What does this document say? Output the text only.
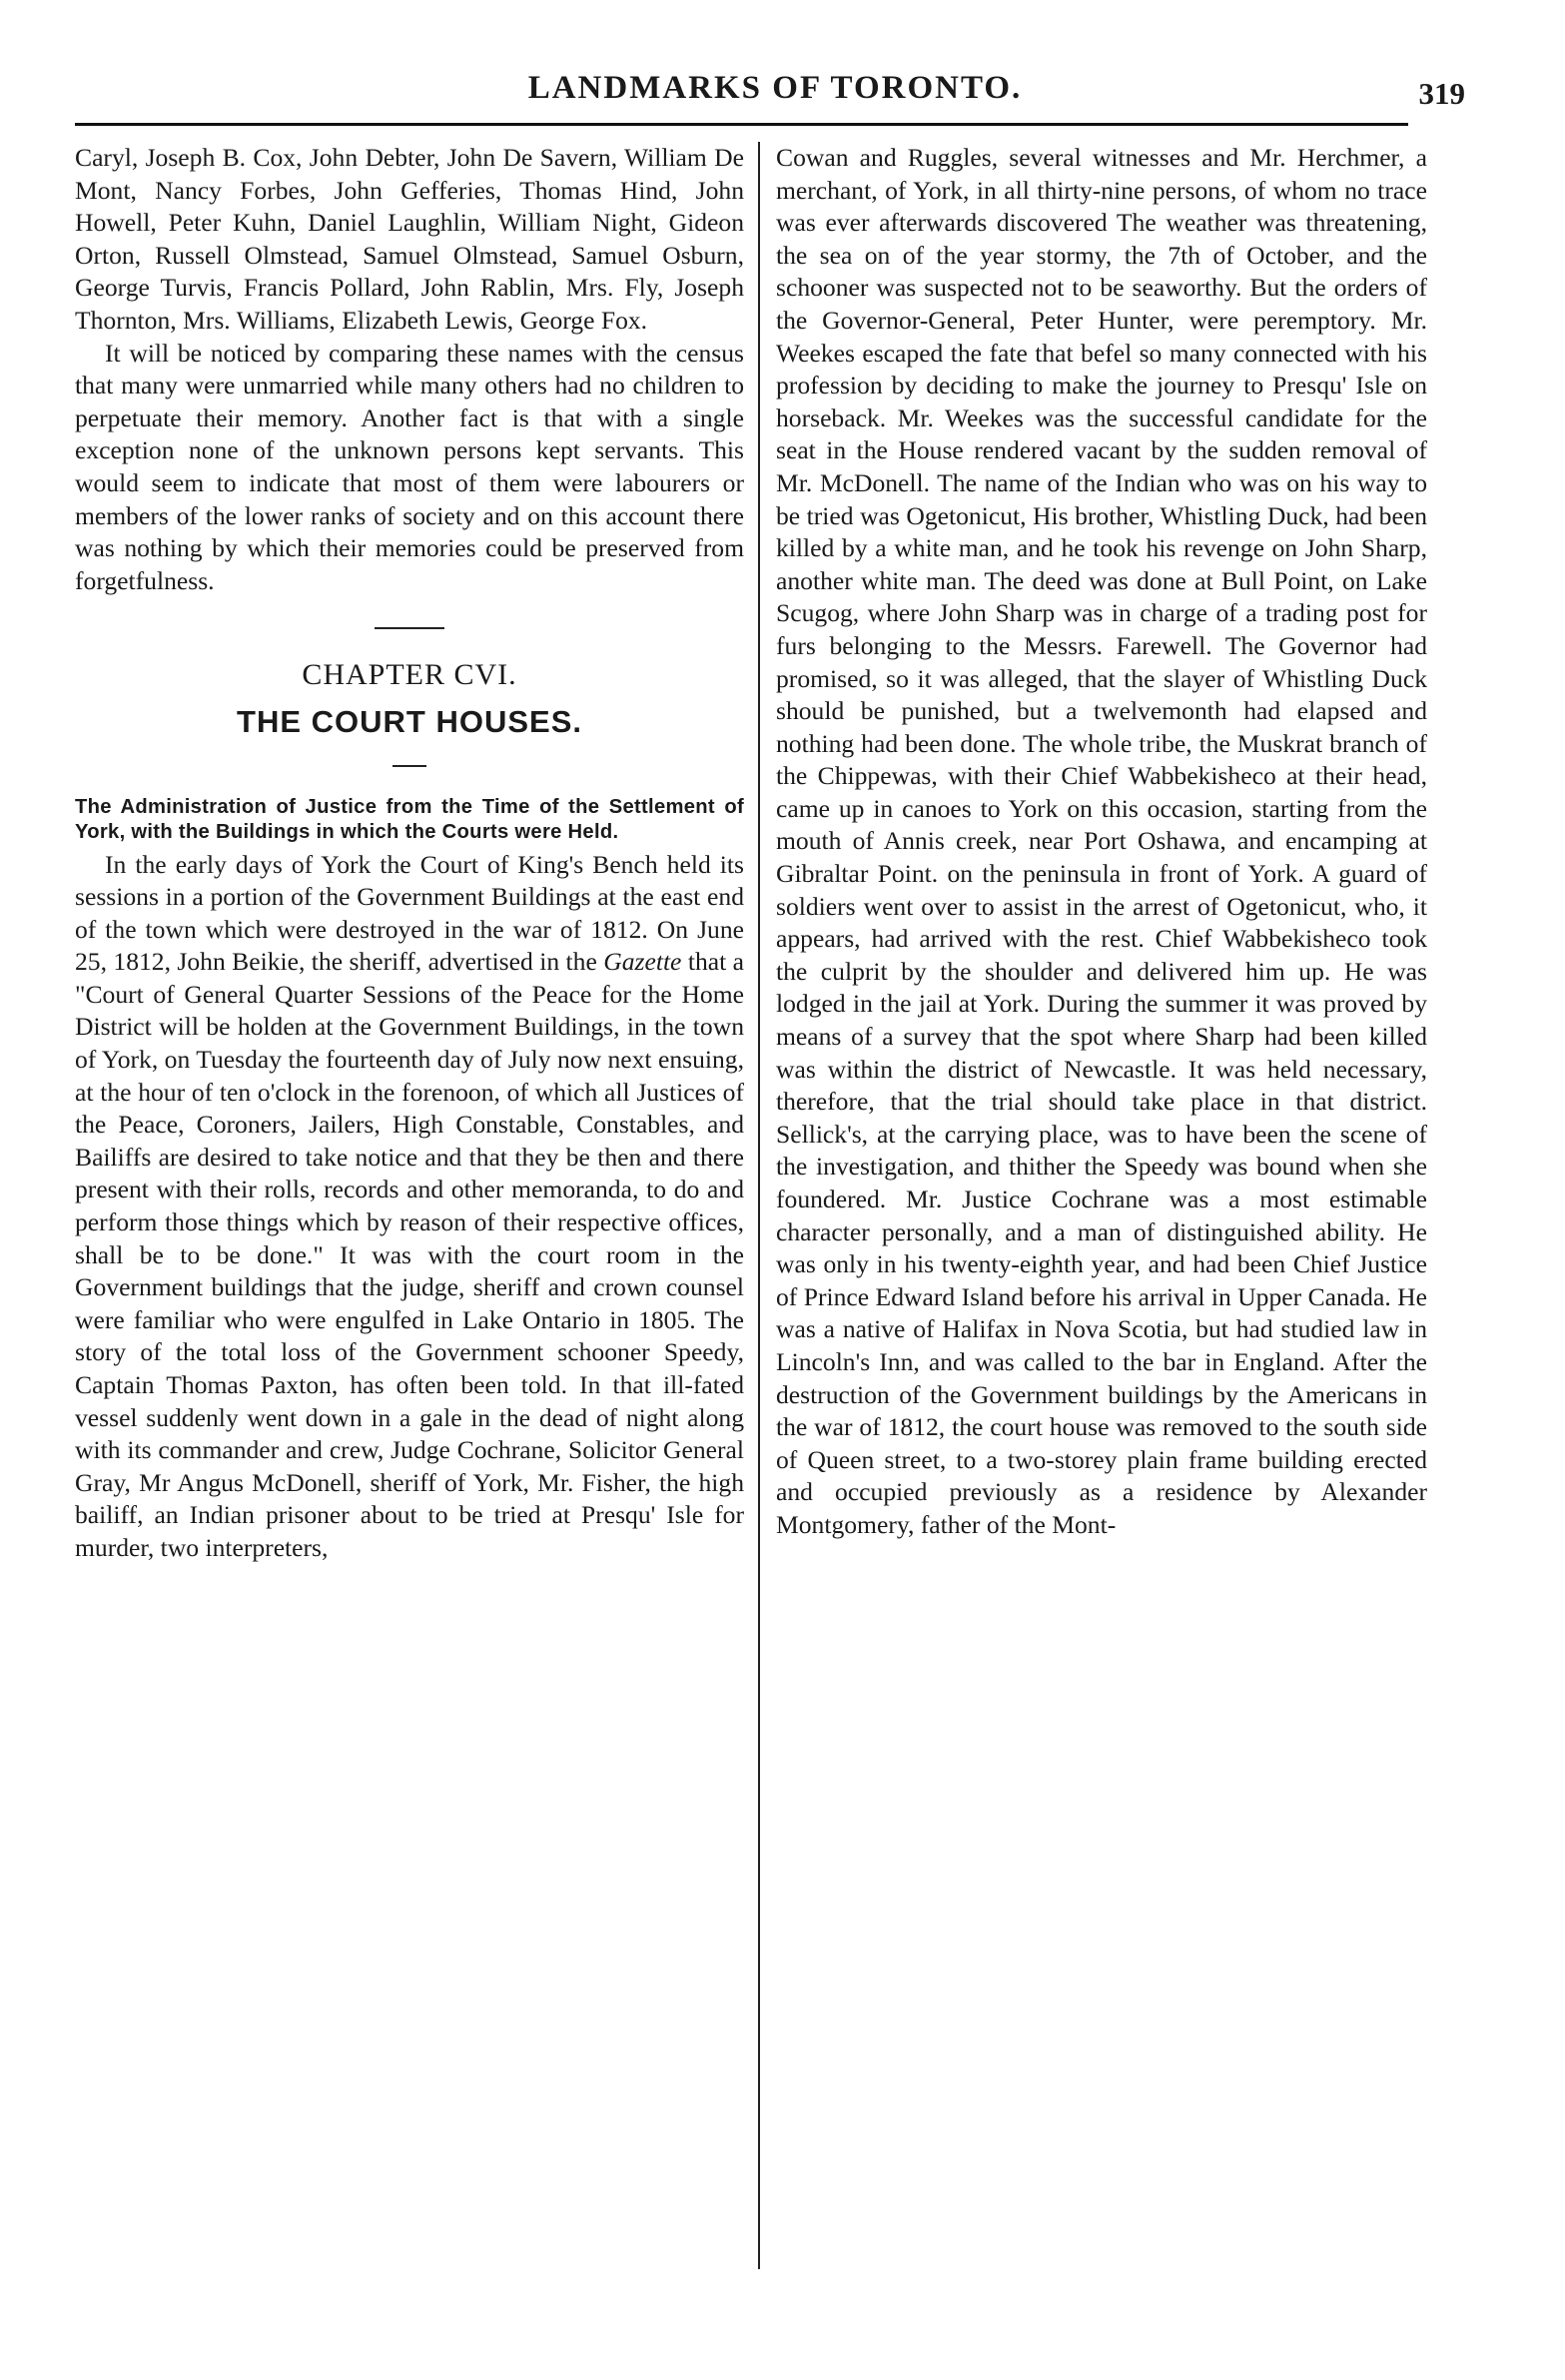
LANDMARKS OF TORONTO.	319

Caryl, Joseph B. Cox, John Debter, John De Savern, William De Mont, Nancy Forbes, John Gefferies, Thomas Hind, John Howell, Peter Kuhn, Daniel Laughlin, William Night, Gideon Orton, Russell Olmstead, Samuel Olmstead, Samuel Osburn, George Turvis, Francis Pollard, John Rablin, Mrs. Fly, Joseph Thornton, Mrs. Williams, Elizabeth Lewis, George Fox.

It will be noticed by comparing these names with the census that many were unmarried while many others had no children to perpetuate their memory. Another fact is that with a single exception none of the unknown persons kept servants. This would seem to indicate that most of them were labourers or members of the lower ranks of society and on this account there was nothing by which their memories could be preserved from forgetfulness.

CHAPTER CVI.
THE COURT HOUSES.
The Administration of Justice from the Time of the Settlement of York, with the Buildings in which the Courts were Held.

In the early days of York the Court of King's Bench held its sessions in a portion of the Government Buildings at the east end of the town which were destroyed in the war of 1812. On June 25, 1812, John Beikie, the sheriff, advertised in the Gazette that a "Court of General Quarter Sessions of the Peace for the Home District will be holden at the Government Buildings, in the town of York, on Tuesday the fourteenth day of July now next ensuing, at the hour of ten o'clock in the forenoon, of which all Justices of the Peace, Coroners, Jailers, High Constable, Constables, and Bailiffs are desired to take notice and that they be then and there present with their rolls, records and other memoranda, to do and perform those things which by reason of their respective offices, shall be to be done." It was with the court room in the Government buildings that the judge, sheriff and crown counsel were familiar who were engulfed in Lake Ontario in 1805. The story of the total loss of the Government schooner Speedy, Captain Thomas Paxton, has often been told. In that ill-fated vessel suddenly went down in a gale in the dead of night along with its commander and crew, Judge Cochrane, Solicitor General Gray, Mr Angus McDonell, sheriff of York, Mr. Fisher, the high bailiff, an Indian prisoner about to be tried at Presqu' Isle for murder, two interpreters,

Cowan and Ruggles, several witnesses and Mr. Herchmer, a merchant, of York, in all thirty-nine persons, of whom no trace was ever afterwards discovered The weather was threatening, the sea on of the year stormy, the 7th of October, and the schooner was suspected not to be seaworthy. But the orders of the Governor-General, Peter Hunter, were peremptory. Mr. Weekes escaped the fate that befel so many connected with his profession by deciding to make the journey to Presqu' Isle on horseback. Mr. Weekes was the successful candidate for the seat in the House rendered vacant by the sudden removal of Mr. McDonell. The name of the Indian who was on his way to be tried was Ogetonicut, His brother, Whistling Duck, had been killed by a white man, and he took his revenge on John Sharp, another white man. The deed was done at Bull Point, on Lake Scugog, where John Sharp was in charge of a trading post for furs belonging to the Messrs. Farewell. The Governor had promised, so it was alleged, that the slayer of Whistling Duck should be punished, but a twelvemonth had elapsed and nothing had been done. The whole tribe, the Muskrat branch of the Chippewas, with their Chief Wabbekisheco at their head, came up in canoes to York on this occasion, starting from the mouth of Annis creek, near Port Oshawa, and encamping at Gibraltar Point. on the peninsula in front of York. A guard of soldiers went over to assist in the arrest of Ogetonicut, who, it appears, had arrived with the rest. Chief Wabbekisheco took the culprit by the shoulder and delivered him up. He was lodged in the jail at York. During the summer it was proved by means of a survey that the spot where Sharp had been killed was within the district of Newcastle. It was held necessary, therefore, that the trial should take place in that district. Sellick's, at the carrying place, was to have been the scene of the investigation, and thither the Speedy was bound when she foundered. Mr. Justice Cochrane was a most estimable character personally, and a man of distinguished ability. He was only in his twenty-eighth year, and had been Chief Justice of Prince Edward Island before his arrival in Upper Canada. He was a native of Halifax in Nova Scotia, but had studied law in Lincoln's Inn, and was called to the bar in England. After the destruction of the Government buildings by the Americans in the war of 1812, the court house was removed to the south side of Queen street, to a two-storey plain frame building erected and occupied previously as a residence by Alexander Montgomery, father of the Mont-
